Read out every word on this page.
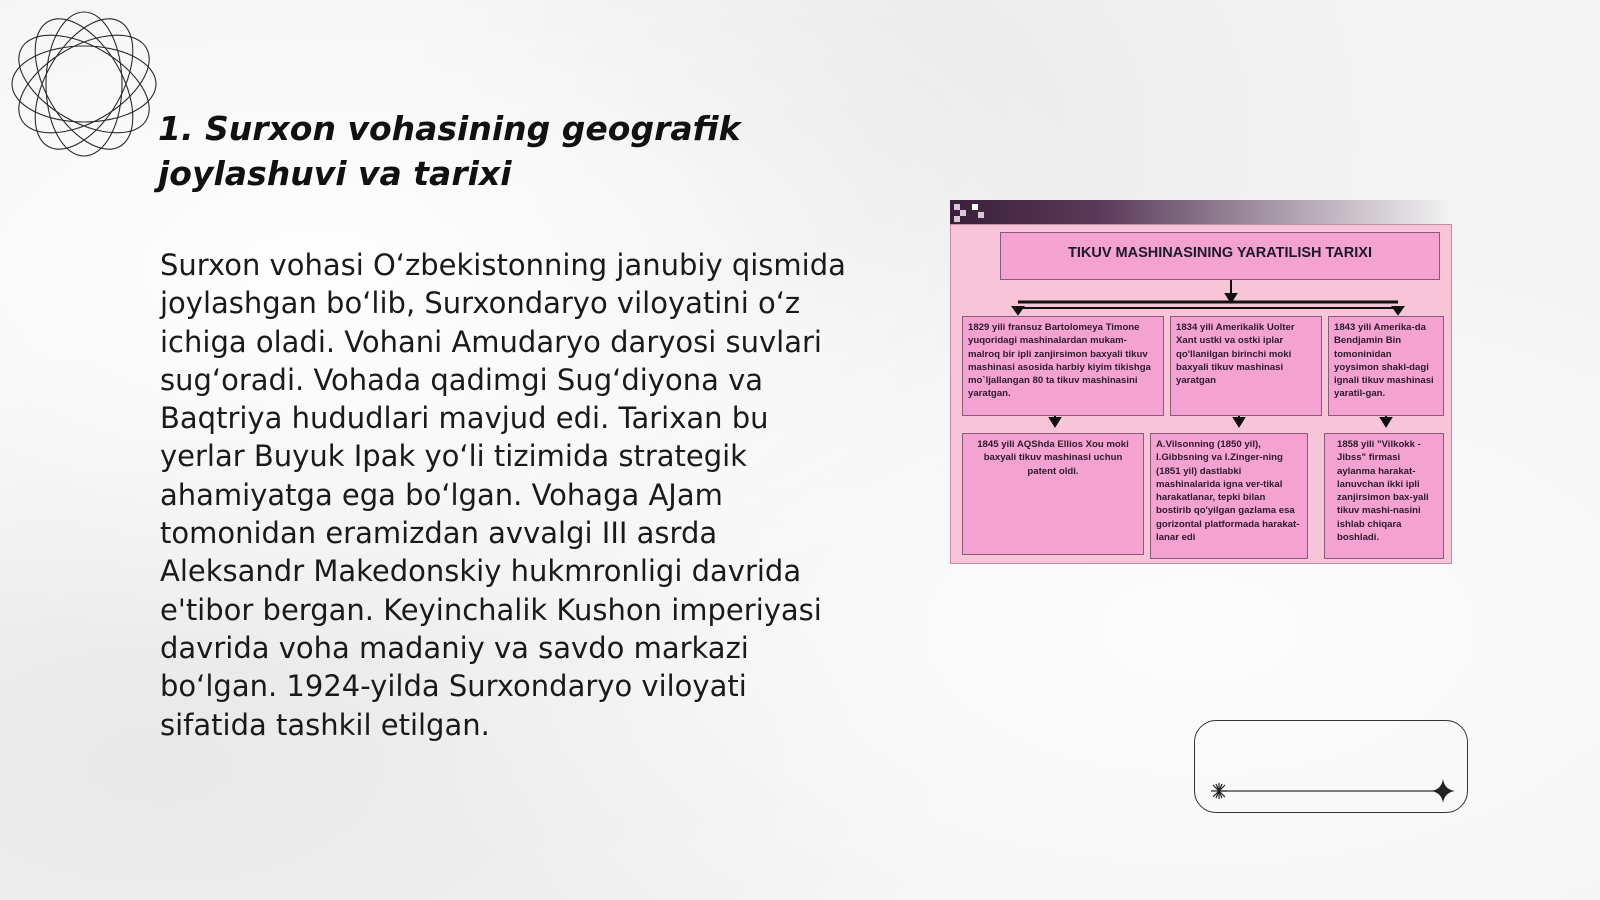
1. Surxon vohasining geografik joylashuvi va tarixi

Surxon vohasi O‘zbekistonning janubiy qismida joylashgan bo‘lib, Surxondaryo viloyatini o‘z ichiga oladi. Vohani Amudaryo daryosi suvlari sug‘oradi. Vohada qadimgi Sug‘diyona va Baqtriya hududlari mavjud edi. Tarixan bu yerlar Buyuk Ipak yo‘li tizimida strategik ahamiyatga ega bo‘lgan. Vohaga AJam tomonidan eramizdan avvalgi III asrda Aleksandr Makedonskiy hukmronligi davrida e'tibor bergan. Keyinchalik Kushon imperiyasi davrida voha madaniy va savdo markazi bo‘lgan. 1924-yilda Surxondaryo viloyati sifatida tashkil etilgan.

TIKUV MASHINASINING YARATILISH TARIXI
1829 yili fransuz Bartolomeya Timone yuqoridagi mashinalardan mukam-malroq bir ipli zanjirsimon baxyali tikuv mashinasi asosida harbiy kiyim tikishga mo`ljallangan 80 ta tikuv mashinasini yaratgan.
1834 yili Amerikalik Uolter Xant ustki va ostki iplar qo'llanilgan birinchi moki baxyali tikuv mashinasi yaratgan
1843 yili Amerika-da Bendjamin Bin tomoninidan yoysimon shakl-dagi ignali tikuv mashinasi yaratil-gan.
1845 yili AQShda Ellios Xou moki baxyali tikuv mashinasi uchun patent oldi.
A.Vilsonning (1850 yil), I.Gibbsning va I.Zinger-ning (1851 yil) dastlabki mashinalarida igna ver-tikal harakatlanar, tepki bilan bostirib qo'yilgan gazlama esa gorizontal platformada harakat-lanar edi
1858 yili "Vilkokk - Jibss" firmasi aylanma harakat-lanuvchan ikki ipli zanjirsimon bax-yali tikuv mashi-nasini ishlab chiqara boshladi.
